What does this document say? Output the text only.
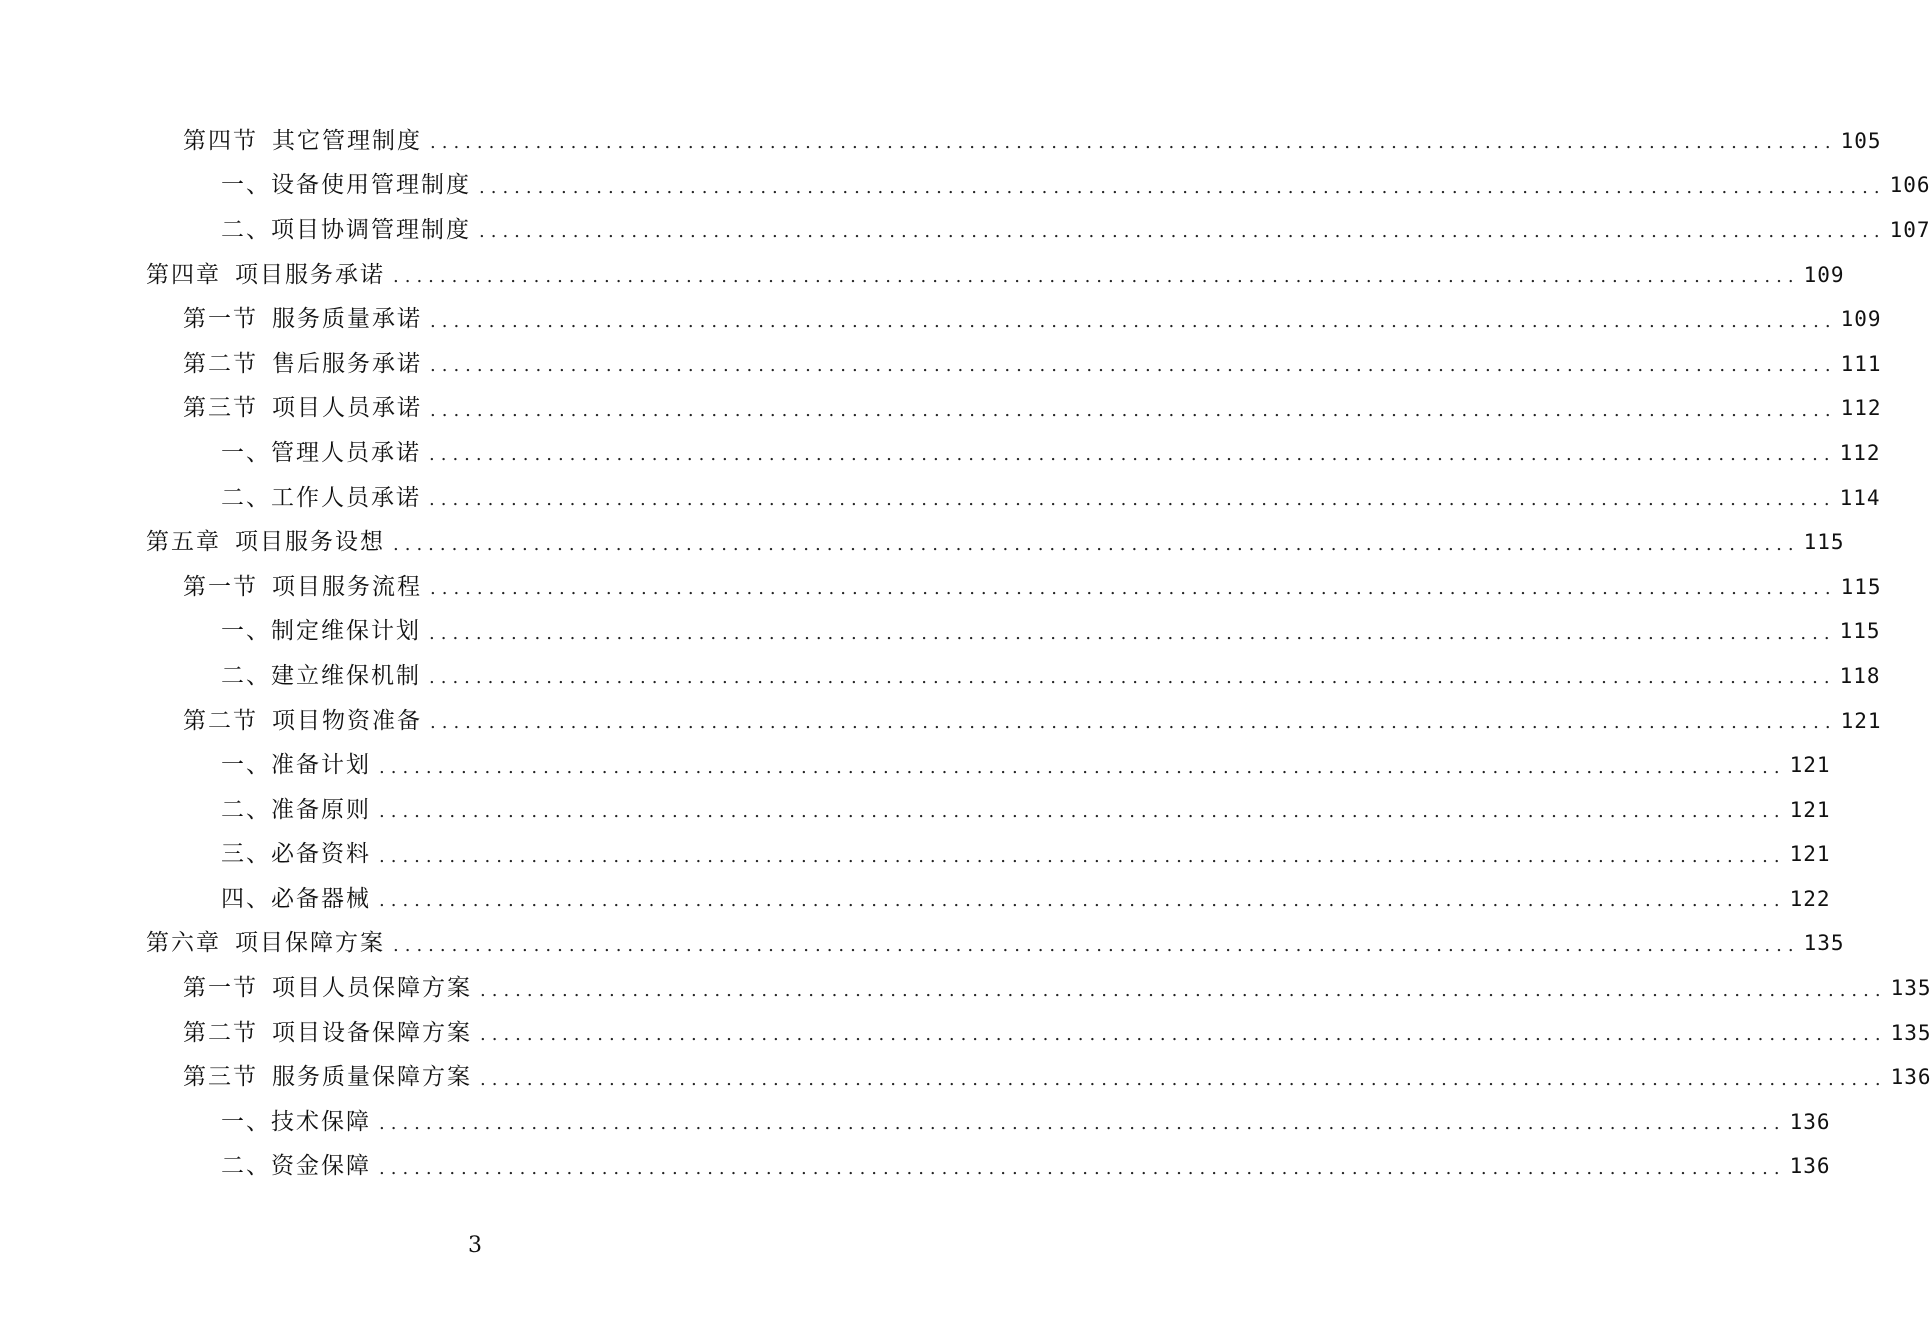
第四节 其它管理制度 ........................................................................................................................ 105
一、设备使用管理制度 ........................................................................................................................ 106
二、项目协调管理制度 ........................................................................................................................ 107
第四章 项目服务承诺 ........................................................................................................................ 109
第一节 服务质量承诺 ........................................................................................................................ 109
第二节 售后服务承诺 ........................................................................................................................ 111
第三节 项目人员承诺 ........................................................................................................................ 112
一、管理人员承诺 ........................................................................................................................ 112
二、工作人员承诺 ........................................................................................................................ 114
第五章 项目服务设想 ........................................................................................................................ 115
第一节 项目服务流程 ........................................................................................................................ 115
一、制定维保计划 ........................................................................................................................ 115
二、建立维保机制 ........................................................................................................................ 118
第二节 项目物资准备 ........................................................................................................................ 121
一、准备计划 ........................................................................................................................ 121
二、准备原则 ........................................................................................................................ 121
三、必备资料 ........................................................................................................................ 121
四、必备器械 ........................................................................................................................ 122
第六章 项目保障方案 ........................................................................................................................ 135
第一节 项目人员保障方案 ........................................................................................................................ 135
第二节 项目设备保障方案 ........................................................................................................................ 135
第三节 服务质量保障方案 ........................................................................................................................ 136
一、技术保障 ........................................................................................................................ 136
二、资金保障 ........................................................................................................................ 136
3
